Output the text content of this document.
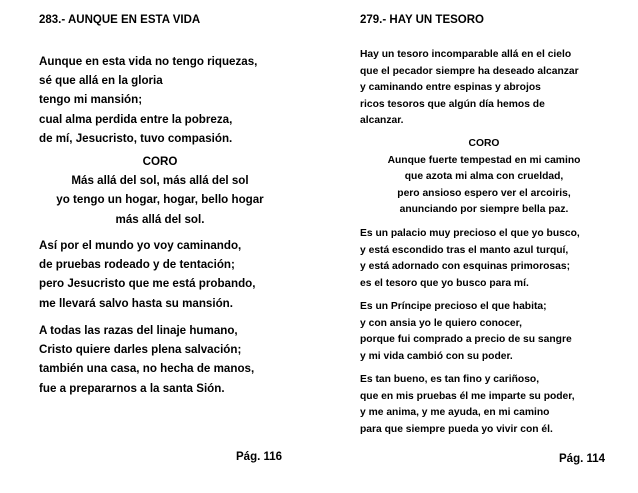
283.- AUNQUE EN ESTA VIDA
Aunque en esta vida no tengo riquezas,
sé que allá en la gloria
tengo mi mansión;
cual alma perdida entre la pobreza,
de mí, Jesucristo, tuvo compasión.
CORO
Más allá del sol, más allá del sol
yo tengo un hogar, hogar, bello hogar
más allá del sol.
Así por el mundo yo voy caminando,
de pruebas rodeado y de tentación;
pero Jesucristo que me está probando,
me llevará salvo hasta su mansión.
A todas las razas del linaje humano,
Cristo quiere darles plena salvación;
también una casa, no hecha de manos,
fue a prepararnos a la santa Sión.
Pág. 116
279.- HAY UN TESORO
Hay un tesoro incomparable allá en el cielo
que el pecador siempre ha deseado alcanzar
y caminando entre espinas y abrojos
ricos tesoros que algún día hemos de
alcanzar.
CORO
Aunque fuerte tempestad en mi camino
que azota mi alma con crueldad,
pero ansioso espero ver el arcoiris,
anunciando por siempre bella paz.
Es un palacio muy precioso el que yo busco,
y está escondido tras el manto azul turquí,
y está adornado con esquinas primorosas;
es el tesoro que yo busco para mí.
Es un Príncipe precioso el que habita;
y con ansia yo le quiero conocer,
porque fui comprado a precio de su sangre
y mi vida cambió con su poder.
Es tan bueno, es tan fino y cariñoso,
que en mis pruebas él me imparte su poder,
y me anima, y me ayuda, en mi camino
para que siempre pueda yo vivir con él.
Pág. 114
